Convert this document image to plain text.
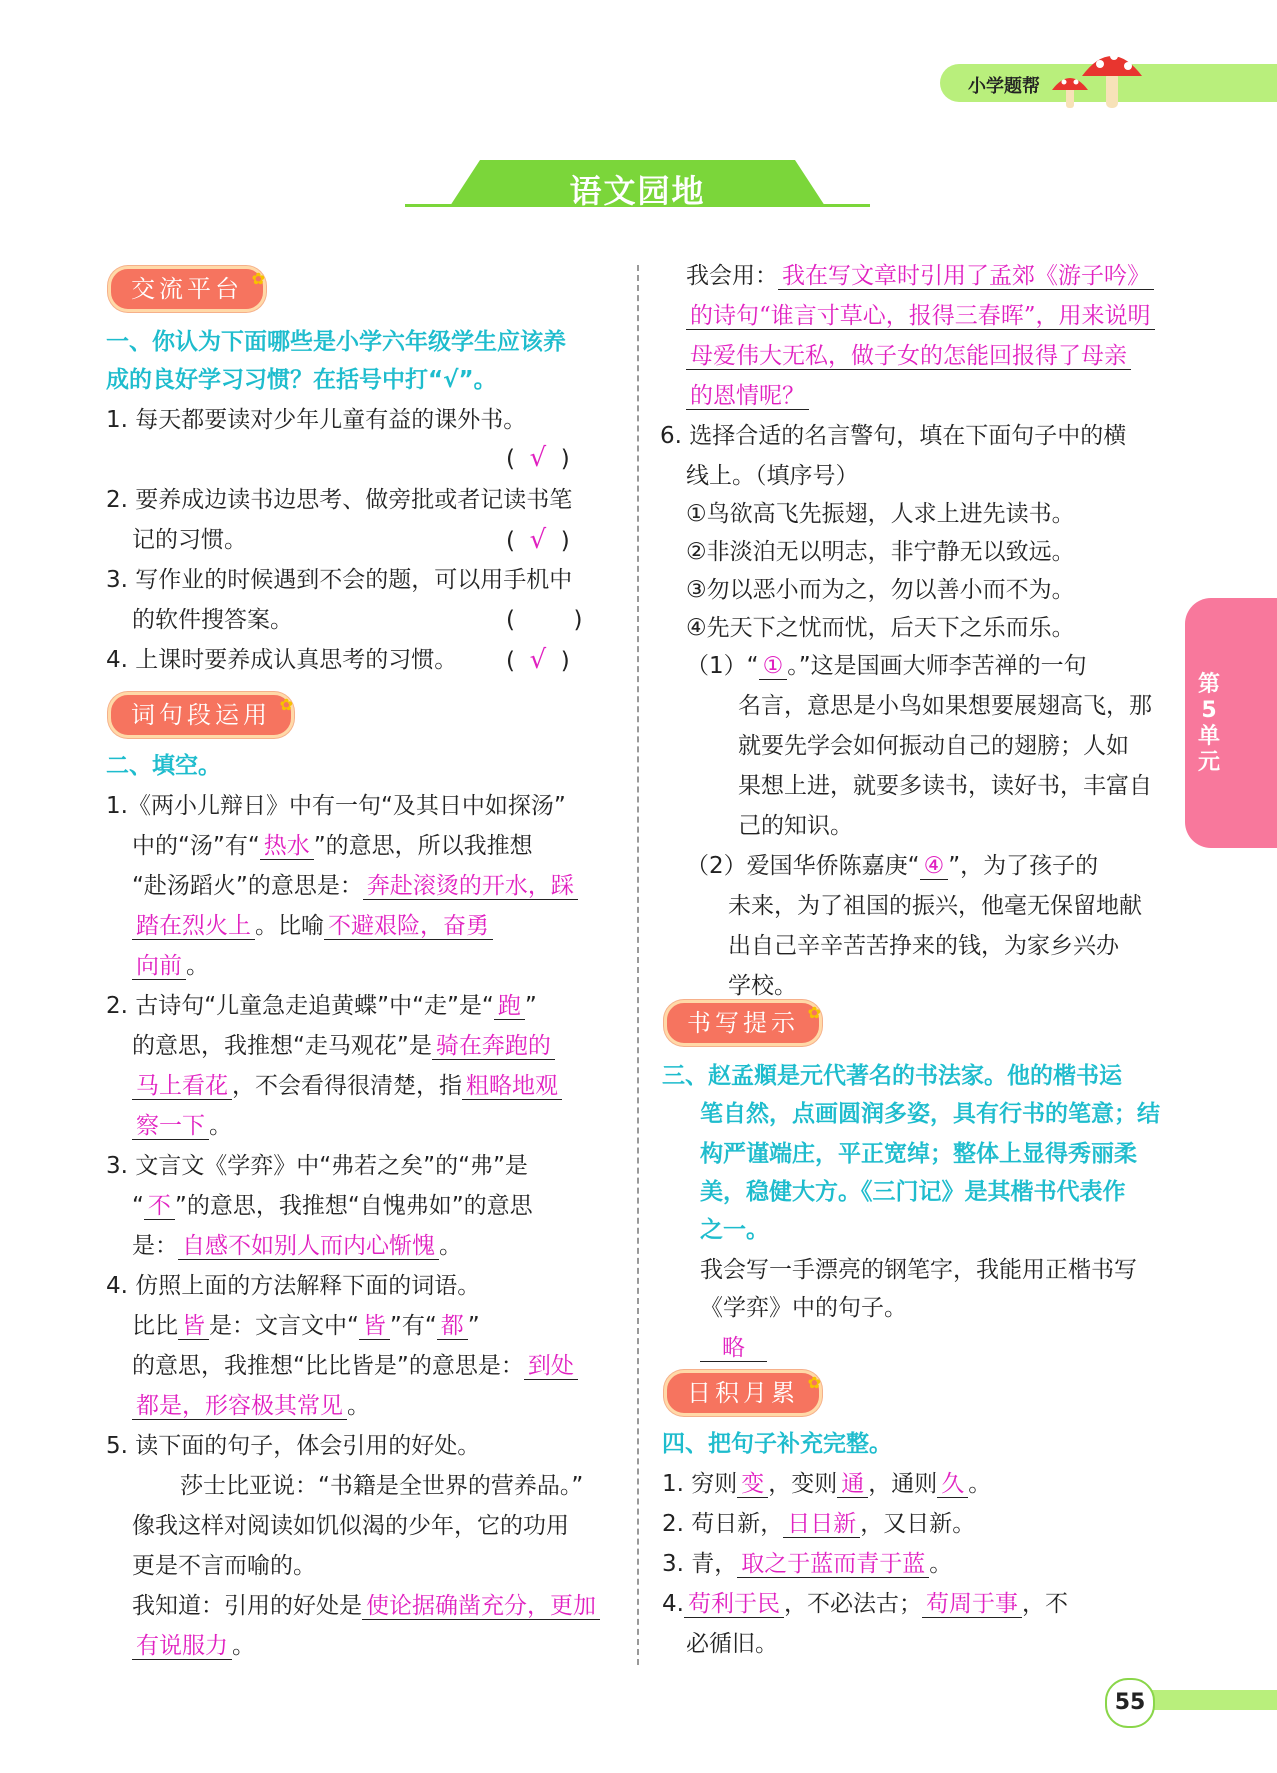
小学题帮
语文园地
交流平台 ✿
一、你认为下面哪些是小学六年级学生应该养
成的良好学习习惯？在括号中打“√”。
1. 每天都要读对少年儿童有益的课外书。
(  √  )
2. 要养成边读书边思考、做旁批或者记读书笔
记的习惯。	(  √  )
3. 写作业的时候遇到不会的题，可以用手机中
的软件搜答案。	(        )
4. 上课时要养成认真思考的习惯。 (  √  )
词句段运用 ✿
二、填空。
1.《两小儿辩日》中有一句“及其日中如探汤”
中的“汤”有“ 热水 ”的意思，所以我推想
“赴汤蹈火”的意思是： 奔赴滚烫的开水，踩
踏在烈火上 。比喻 不避艰险，奋勇
向前 。
2. 古诗句“儿童急走追黄蝶”中“走”是“ 跑 ”
的意思，我推想“走马观花”是 骑在奔跑的
马上看花 ，不会看得很清楚，指 粗略地观
察一下 。
3. 文言文《学弈》中“弗若之矣”的“弗”是
“ 不 ”的意思，我推想“自愧弗如”的意思
是： 自感不如别人而内心惭愧 。
4. 仿照上面的方法解释下面的词语。
比比 皆 是：文言文中“ 皆 ”有“ 都 ”
的意思，我推想“比比皆是”的意思是： 到处
都是，形容极其常见 。
5. 读下面的句子，体会引用的好处。
莎士比亚说：“书籍是全世界的营养品。”
像我这样对阅读如饥似渴的少年，它的功用
更是不言而喻的。
我知道：引用的好处是 使论据确凿充分，更加
有说服力 。
我会用： 我在写文章时引用了孟郊《游子吟》
的诗句“谁言寸草心，报得三春晖”，用来说明
母爱伟大无私，做子女的怎能回报得了母亲
的恩情呢？
6. 选择合适的名言警句，填在下面句子中的横
线上。（填序号）
①鸟欲高飞先振翅，人求上进先读书。
②非淡泊无以明志，非宁静无以致远。
③勿以恶小而为之，勿以善小而不为。
④先天下之忧而忧，后天下之乐而乐。
（1）“ ① 。”这是国画大师李苦禅的一句
名言，意思是小鸟如果想要展翅高飞，那
就要先学会如何振动自己的翅膀；人如
果想上进，就要多读书，读好书，丰富自
己的知识。
（2）爱国华侨陈嘉庚“ ④ ”，为了孩子的
未来，为了祖国的振兴，他毫无保留地献
出自己辛辛苦苦挣来的钱，为家乡兴办
学校。
书写提示 ✿
三、赵孟頫是元代著名的书法家。他的楷书运
笔自然，点画圆润多姿，具有行书的笔意；结
构严谨端庄，平正宽绰；整体上显得秀丽柔
美，稳健大方。《三门记》是其楷书代表作
之一。
我会写一手漂亮的钢笔字，我能用正楷书写
《学弈》中的句子。
略
日积月累 ✿
四、把句子补充完整。
1. 穷则 变 ，变则 通 ，通则 久 。
2. 苟日新， 日日新 ，又日新。
3. 青， 取之于蓝而青于蓝 。
4. 苟利于民 ，不必法古； 苟周于事 ，不
必循旧。
第5单元
55
